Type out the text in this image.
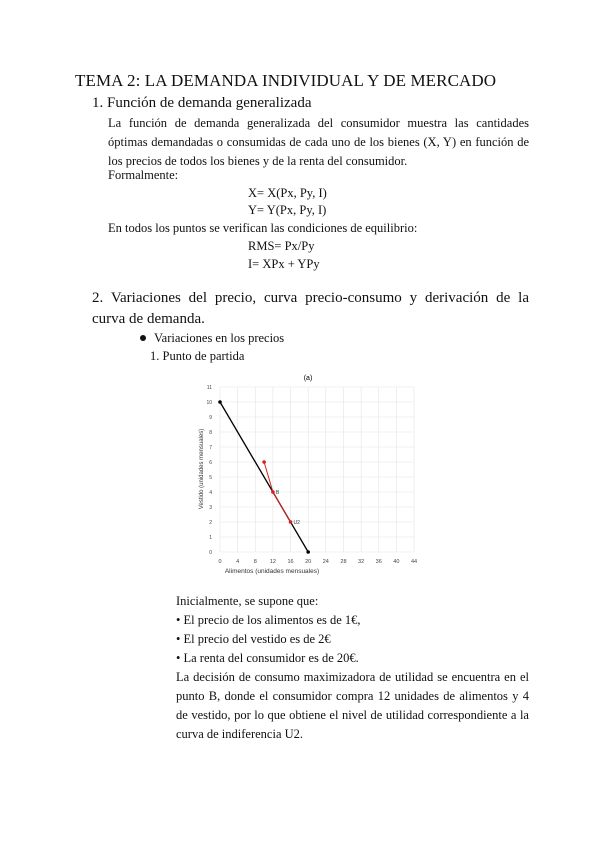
TEMA 2: LA DEMANDA INDIVIDUAL Y DE MERCADO
1. Función de demanda generalizada
La función de demanda generalizada del consumidor muestra las cantidades óptimas demandadas o consumidas de cada uno de los bienes (X, Y) en función de los precios de todos los bienes y de la renta del consumidor.
Formalmente:
X= X(Px, Py, I)
Y= Y(Px, Py, I)
En todos los puntos se verifican las condiciones de equilibrio:
RMS= Px/Py
I= XPx + YPy
2. Variaciones del precio, curva precio-consumo y derivación de la curva de demanda.
Variaciones en los precios
1. Punto de partida
0
1
2
3
4
5
6
7
8
9
10
11
0	4	8 12 16 20 24 28 32 36 40 44
B
U2
(a)
Alimentos (unidades mensuales)
Vestido (unidades mensuales)
Inicialmente, se supone que:
• El precio de los alimentos es de 1€,
• El precio del vestido es de 2€
• La renta del consumidor es de 20€.
La decisión de consumo maximizadora de utilidad se encuentra en el punto B, donde el consumidor compra 12 unidades de alimentos y 4 de vestido, por lo que obtiene el nivel de utilidad correspondiente a la curva de indiferencia U2.
